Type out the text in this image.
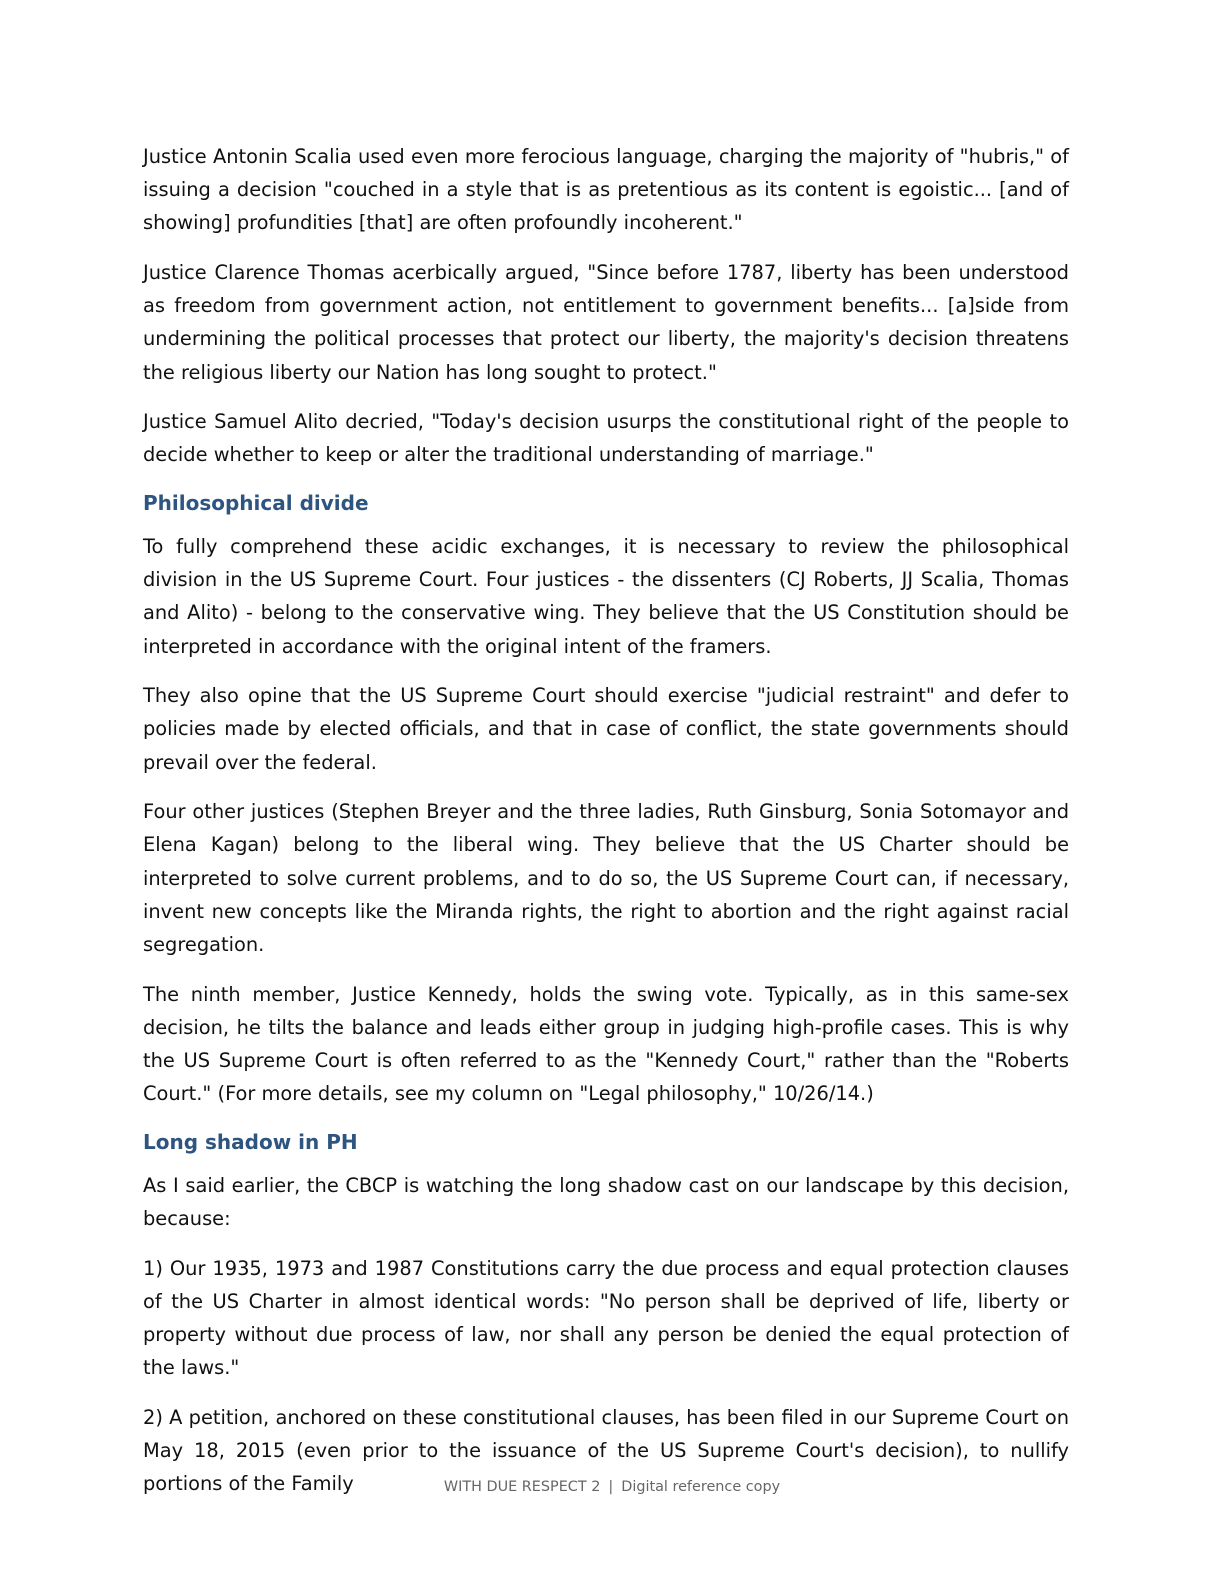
Justice Antonin Scalia used even more ferocious language, charging the majority of "hubris," of issuing a decision "couched in a style that is as pretentious as its content is egoistic... [and of showing] profundities [that] are often profoundly incoherent."

Justice Clarence Thomas acerbically argued, "Since before 1787, liberty has been understood as freedom from government action, not entitlement to government benefits... [a]side from undermining the political processes that protect our liberty, the majority's decision threatens the religious liberty our Nation has long sought to protect."

Justice Samuel Alito decried, "Today's decision usurps the constitutional right of the people to decide whether to keep or alter the traditional understanding of marriage."

Philosophical divide

To fully comprehend these acidic exchanges, it is necessary to review the philosophical division in the US Supreme Court. Four justices - the dissenters (CJ Roberts, JJ Scalia, Thomas and Alito) - belong to the conservative wing. They believe that the US Constitution should be interpreted in accordance with the original intent of the framers.

They also opine that the US Supreme Court should exercise "judicial restraint" and defer to policies made by elected officials, and that in case of conflict, the state governments should prevail over the federal.

Four other justices (Stephen Breyer and the three ladies, Ruth Ginsburg, Sonia Sotomayor and Elena Kagan) belong to the liberal wing. They believe that the US Charter should be interpreted to solve current problems, and to do so, the US Supreme Court can, if necessary, invent new concepts like the Miranda rights, the right to abortion and the right against racial segregation.

The ninth member, Justice Kennedy, holds the swing vote. Typically, as in this same-sex decision, he tilts the balance and leads either group in judging high-profile cases. This is why the US Supreme Court is often referred to as the "Kennedy Court," rather than the "Roberts Court." (For more details, see my column on "Legal philosophy," 10/26/14.)

Long shadow in PH

As I said earlier, the CBCP is watching the long shadow cast on our landscape by this decision, because:

1) Our 1935, 1973 and 1987 Constitutions carry the due process and equal protection clauses of the US Charter in almost identical words: "No person shall be deprived of life, liberty or property without due process of law, nor shall any person be denied the equal protection of the laws."

2) A petition, anchored on these constitutional clauses, has been filed in our Supreme Court on May 18, 2015 (even prior to the issuance of the US Supreme Court's decision), to nullify portions of the Family	WITH DUE RESPECT 2 | Digital reference copy
